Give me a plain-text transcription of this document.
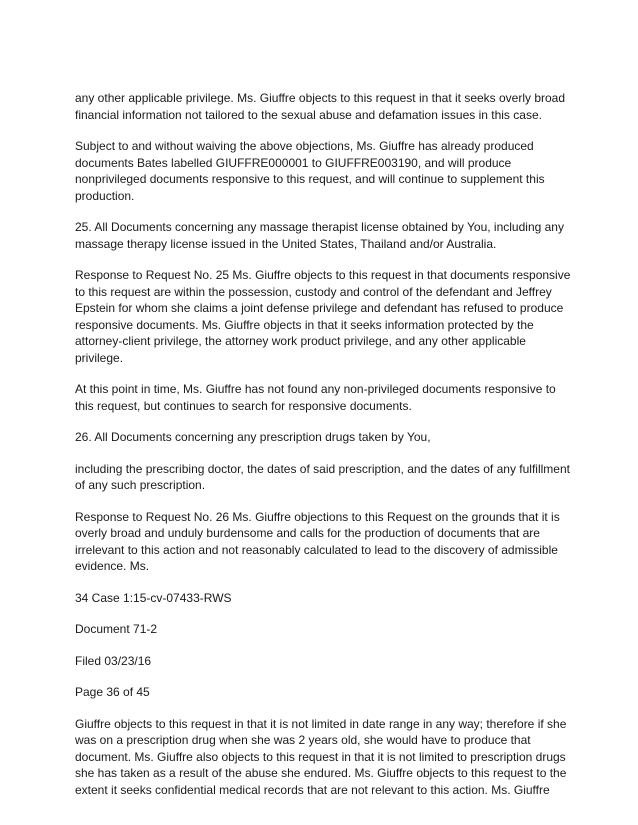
any other applicable privilege. Ms. Giuffre objects to this request in that it seeks overly broad financial information not tailored to the sexual abuse and defamation issues in this case.

Subject to and without waiving the above objections, Ms. Giuffre has already produced documents Bates labelled GIUFFRE000001 to GIUFFRE003190, and will produce nonprivileged documents responsive to this request, and will continue to supplement this production.

25. All Documents concerning any massage therapist license obtained by You, including any massage therapy license issued in the United States, Thailand and/or Australia.

Response to Request No. 25 Ms. Giuffre objects to this request in that documents responsive to this request are within the possession, custody and control of the defendant and Jeffrey Epstein for whom she claims a joint defense privilege and defendant has refused to produce responsive documents. Ms. Giuffre objects in that it seeks information protected by the attorney-client privilege, the attorney work product privilege, and any other applicable privilege.

At this point in time, Ms. Giuffre has not found any non-privileged documents responsive to this request, but continues to search for responsive documents.

26. All Documents concerning any prescription drugs taken by You,

including the prescribing doctor, the dates of said prescription, and the dates of any fulfillment of any such prescription.

Response to Request No. 26 Ms. Giuffre objections to this Request on the grounds that it is overly broad and unduly burdensome and calls for the production of documents that are irrelevant to this action and not reasonably calculated to lead to the discovery of admissible evidence. Ms.

34 Case 1:15-cv-07433-RWS

Document 71-2

Filed 03/23/16

Page 36 of 45

Giuffre objects to this request in that it is not limited in date range in any way; therefore if she was on a prescription drug when she was 2 years old, she would have to produce that document. Ms. Giuffre also objects to this request in that it is not limited to prescription drugs she has taken as a result of the abuse she endured. Ms. Giuffre objects to this request to the extent it seeks confidential medical records that are not relevant to this action. Ms. Giuffre
